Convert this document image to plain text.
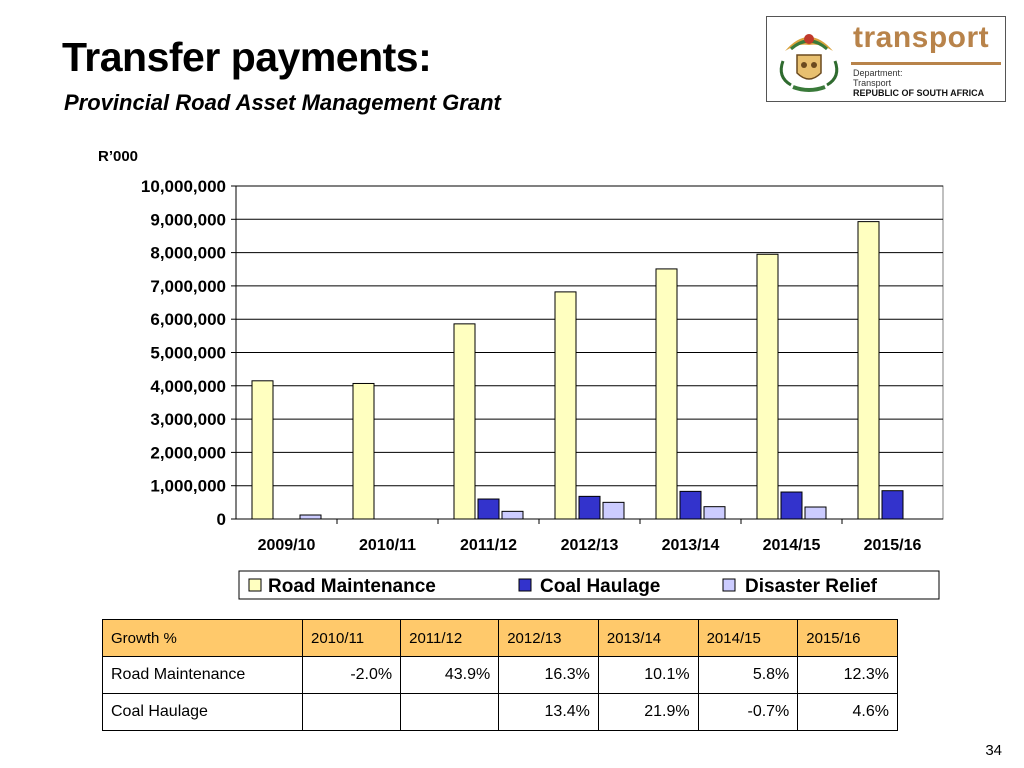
Transfer payments:
Provincial Road Asset Management Grant
transport
Department:
Transport
REPUBLIC OF SOUTH AFRICA
0
1,000,000
2,000,000
3,000,000
4,000,000
5,000,000
6,000,000
7,000,000
8,000,000
9,000,000
10,000,000
R’000
2009/10	2010/11	2011/12	2012/13	2013/14	2014/15	2015/16
Road Maintenance	Coal Haulage	Disaster Relief
Growth %	2010/11	2011/12	2012/13	2013/14	2014/15	2015/16
Road Maintenance	-2.0%	43.9%	16.3%	10.1%	5.8%	12.3%
Coal Haulage			13.4%	21.9%	-0.7%	4.6%
34
